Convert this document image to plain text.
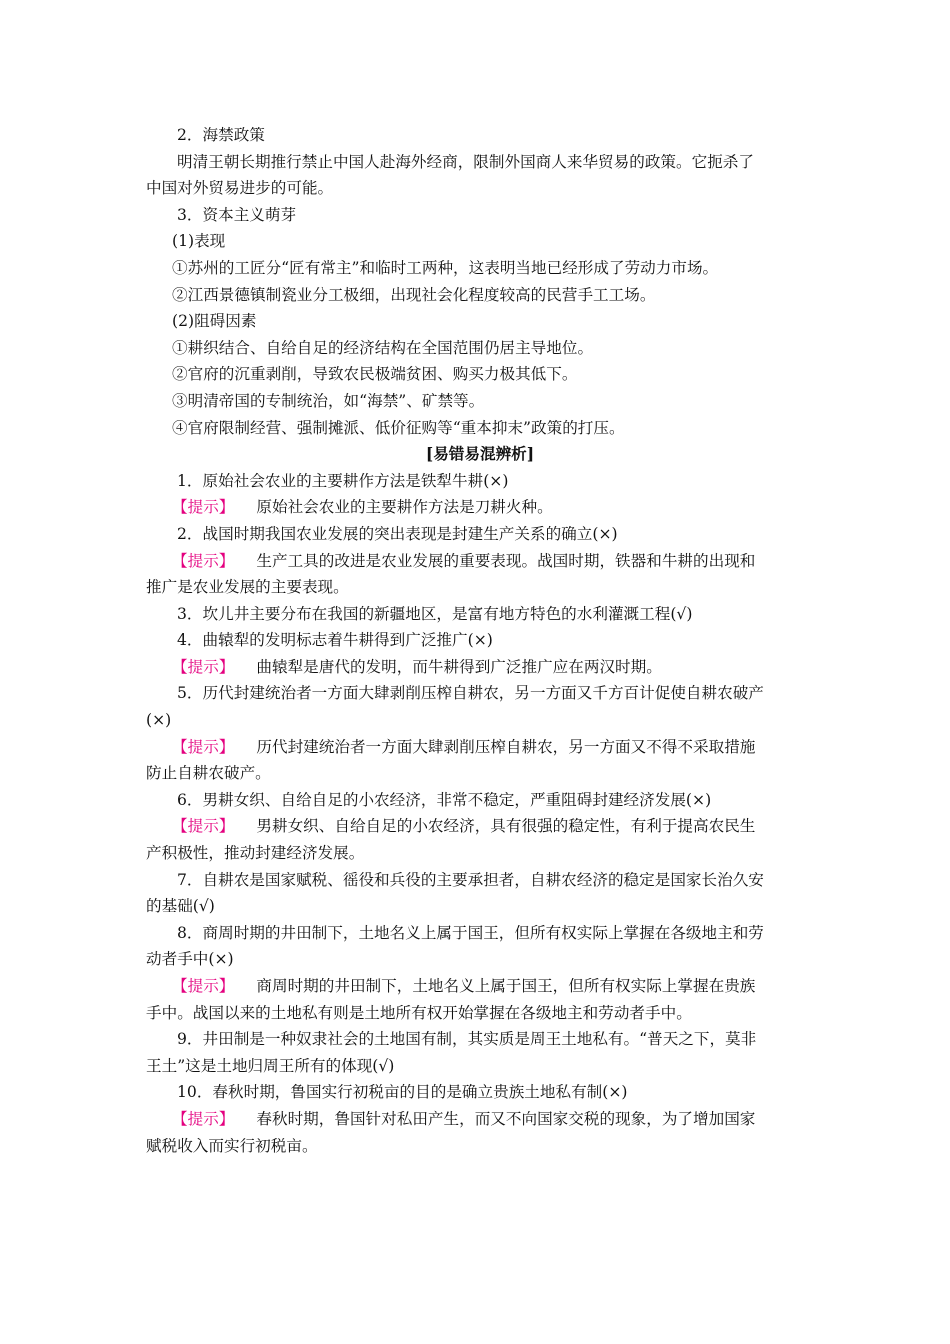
2．海禁政策
明清王朝长期推行禁止中国人赴海外经商，限制外国商人来华贸易的政策。它扼杀了
中国对外贸易进步的可能。
3．资本主义萌芽
(1)表现
①苏州的工匠分“匠有常主”和临时工两种，这表明当地已经形成了劳动力市场。
②江西景德镇制瓷业分工极细，出现社会化程度较高的民营手工工场。
(2)阻碍因素
①耕织结合、自给自足的经济结构在全国范围仍居主导地位。
②官府的沉重剥削，导致农民极端贫困、购买力极其低下。
③明清帝国的专制统治，如“海禁”、矿禁等。
④官府限制经营、强制摊派、低价征购等“重本抑末”政策的打压。
[易错易混辨析]
1．原始社会农业的主要耕作方法是铁犁牛耕(×)
【提示】 原始社会农业的主要耕作方法是刀耕火种。
2．战国时期我国农业发展的突出表现是封建生产关系的确立(×)
【提示】 生产工具的改进是农业发展的重要表现。战国时期，铁器和牛耕的出现和
推广是农业发展的主要表现。
3．坎儿井主要分布在我国的新疆地区，是富有地方特色的水利灌溉工程(√)
4．曲辕犁的发明标志着牛耕得到广泛推广(×)
【提示】 曲辕犁是唐代的发明，而牛耕得到广泛推广应在两汉时期。
5．历代封建统治者一方面大肆剥削压榨自耕农，另一方面又千方百计促使自耕农破产
(×)
【提示】 历代封建统治者一方面大肆剥削压榨自耕农，另一方面又不得不采取措施
防止自耕农破产。
6．男耕女织、自给自足的小农经济，非常不稳定，严重阻碍封建经济发展(×)
【提示】 男耕女织、自给自足的小农经济，具有很强的稳定性，有利于提高农民生
产积极性，推动封建经济发展。
7．自耕农是国家赋税、徭役和兵役的主要承担者，自耕农经济的稳定是国家长治久安
的基础(√)
8．商周时期的井田制下，土地名义上属于国王，但所有权实际上掌握在各级地主和劳
动者手中(×)
【提示】 商周时期的井田制下，土地名义上属于国王，但所有权实际上掌握在贵族
手中。战国以来的土地私有则是土地所有权开始掌握在各级地主和劳动者手中。
9．井田制是一种奴隶社会的土地国有制，其实质是周王土地私有。“普天之下，莫非
王土”这是土地归周王所有的体现(√)
10．春秋时期，鲁国实行初税亩的目的是确立贵族土地私有制(×)
【提示】 春秋时期，鲁国针对私田产生，而又不向国家交税的现象，为了增加国家
赋税收入而实行初税亩。
